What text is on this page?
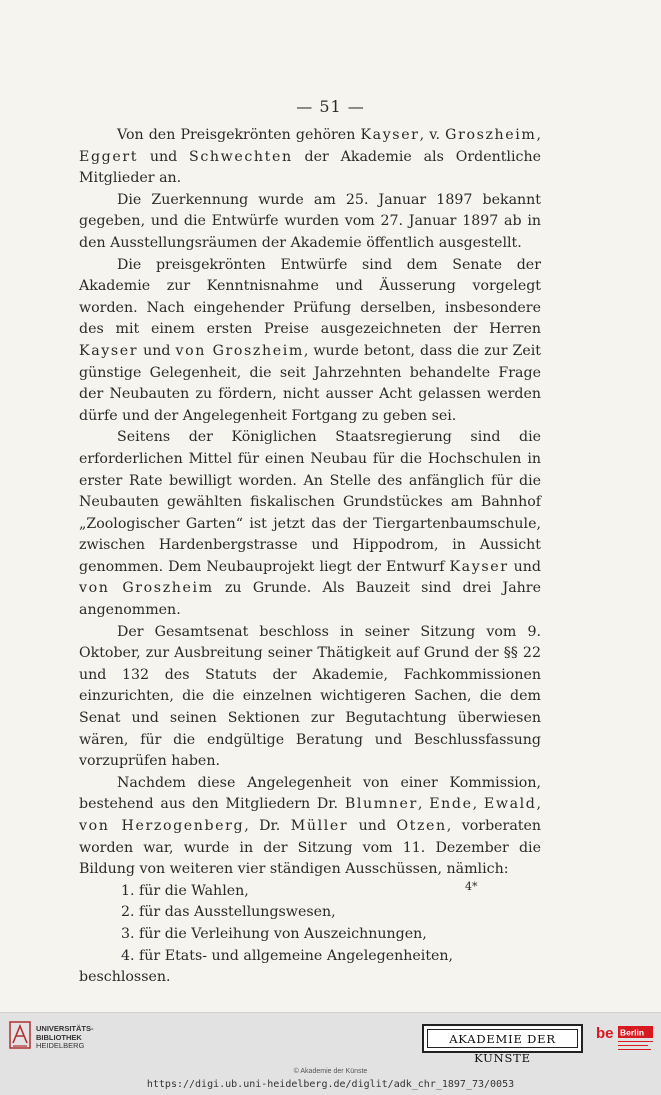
— 51 —

Von den Preisgekrönten gehören Kayser, v. Groszheim, Eggert und Schwechten der Akademie als Ordentliche Mitglieder an.

Die Zuerkennung wurde am 25. Januar 1897 bekannt gegeben, und die Entwürfe wurden vom 27. Januar 1897 ab in den Ausstellungsräumen der Akademie öffentlich ausgestellt.

Die preisgekrönten Entwürfe sind dem Senate der Akademie zur Kenntnisnahme und Äusserung vorgelegt worden. Nach eingehender Prüfung derselben, insbesondere des mit einem ersten Preise ausgezeichneten der Herren Kayser und von Groszheim, wurde betont, dass die zur Zeit günstige Gelegenheit, die seit Jahrzehnten behandelte Frage der Neubauten zu fördern, nicht ausser Acht gelassen werden dürfe und der Angelegenheit Fortgang zu geben sei.

Seitens der Königlichen Staatsregierung sind die erforderlichen Mittel für einen Neubau für die Hochschulen in erster Rate bewilligt worden. An Stelle des anfänglich für die Neubauten gewählten fiskalischen Grundstückes am Bahnhof „Zoologischer Garten“ ist jetzt das der Tiergartenbaumschule, zwischen Hardenbergstrasse und Hippodrom, in Aussicht genommen. Dem Neubauprojekt liegt der Entwurf Kayser und von Groszheim zu Grunde. Als Bauzeit sind drei Jahre angenommen.

Der Gesamtsenat beschloss in seiner Sitzung vom 9. Oktober, zur Ausbreitung seiner Thätigkeit auf Grund der §§ 22 und 132 des Statuts der Akademie, Fachkommissionen einzurichten, die die einzelnen wichtigeren Sachen, die dem Senat und seinen Sektionen zur Begutachtung überwiesen wären, für die endgültige Beratung und Beschlussfassung vorzuprüfen haben.

Nachdem diese Angelegenheit von einer Kommission, bestehend aus den Mitgliedern Dr. Blumner, Ende, Ewald, von Herzogenberg, Dr. Müller und Otzen, vorberaten worden war, wurde in der Sitzung vom 11. Dezember die Bildung von weiteren vier ständigen Ausschüssen, nämlich:

1. für die Wahlen,
2. für das Ausstellungswesen,
3. für die Verleihung von Auszeichnungen,
4. für Etats- und allgemeine Angelegenheiten,
beschlossen.
4*
UNIVERSITÄTS-
BIBLIOTHEK
HEIDELBERG	AKADEMIE DER KÜNSTE
be Berlin
© Akademie der Künste
https://digi.ub.uni-heidelberg.de/diglit/adk_chr_1897_73/0053
